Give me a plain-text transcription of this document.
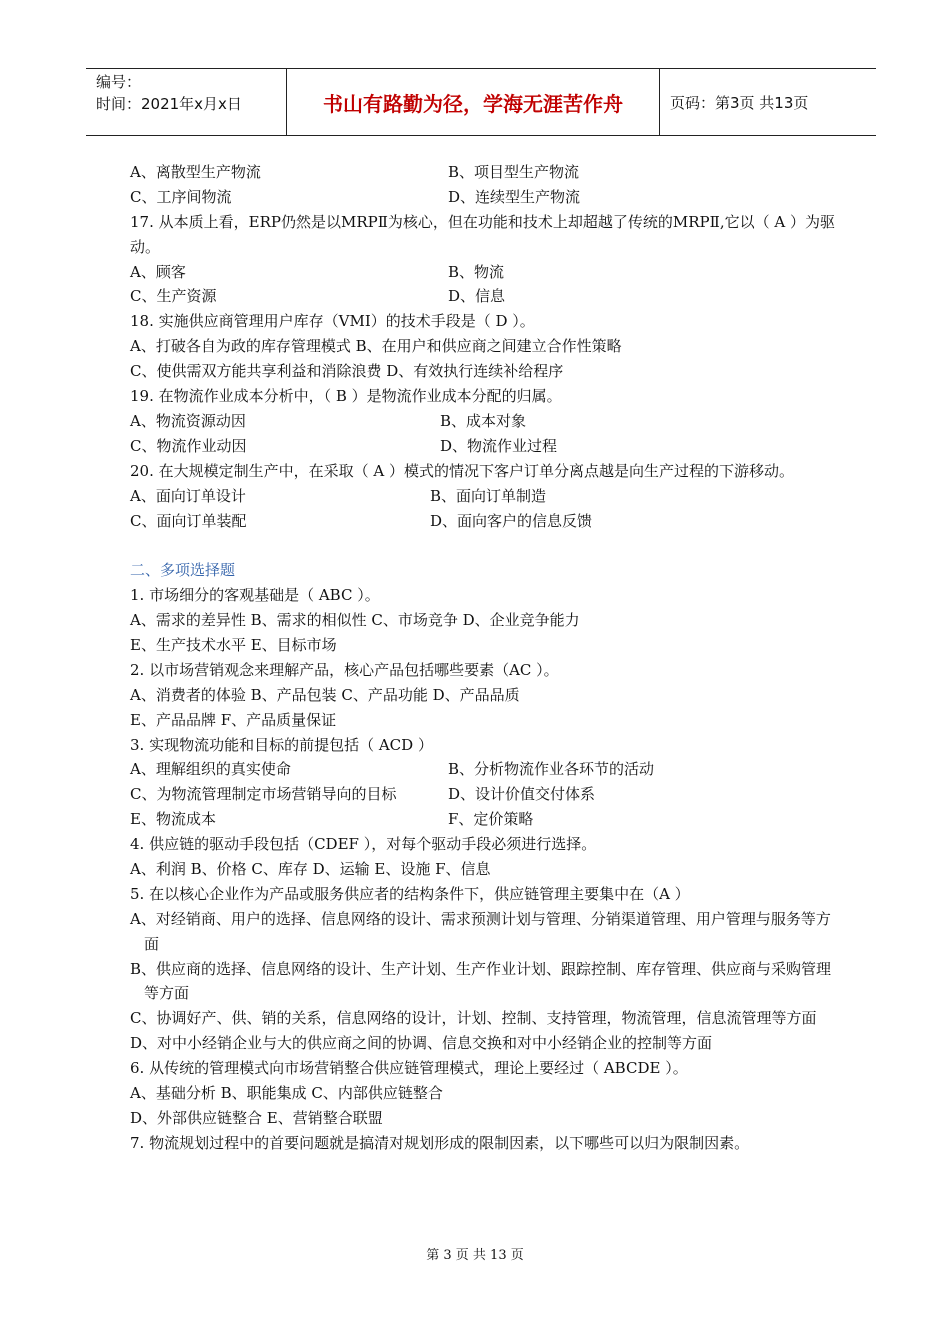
编号：
时间：2021年x月x日	书山有路勤为径，学海无涯苦作舟	页码：第3页 共13页
A、离散型生产物流	B、项目型生产物流
C、工序间物流	D、连续型生产物流
17. 从本质上看，ERP仍然是以MRPⅡ为核心，但在功能和技术上却超越了传统的MRPⅡ,它以（ A ）为驱动。
A、顾客	B、物流
C、生产资源	D、信息
18. 实施供应商管理用户库存（VMI）的技术手段是（ D ）。
A、打破各自为政的库存管理模式 B、在用户和供应商之间建立合作性策略
C、使供需双方能共享利益和消除浪费 D、有效执行连续补给程序
19. 在物流作业成本分析中，（ B ）是物流作业成本分配的归属。
A、物流资源动因	B、成本对象
C、物流作业动因	D、物流作业过程
20. 在大规模定制生产中，在采取（ A ）模式的情况下客户订单分离点越是向生产过程的下游移动。
A、面向订单设计	B、面向订单制造
C、面向订单装配	D、面向客户的信息反馈
二、多项选择题
1. 市场细分的客观基础是（ ABC ）。
A、需求的差异性 B、需求的相似性 C、市场竞争 D、企业竞争能力
E、生产技术水平 E、目标市场
2. 以市场营销观念来理解产品，核心产品包括哪些要素（AC ）。
A、消费者的体验 B、产品包装 C、产品功能 D、产品品质
E、产品品牌 F、产品质量保证
3. 实现物流功能和目标的前提包括（ ACD ）
A、理解组织的真实使命	B、分析物流作业各环节的活动
C、为物流管理制定市场营销导向的目标	D、设计价值交付体系
E、物流成本	F、定价策略
4. 供应链的驱动手段包括（CDEF ），对每个驱动手段必须进行选择。
A、利润 B、价格 C、库存 D、运输 E、设施 F、信息
5. 在以核心企业作为产品或服务供应者的结构条件下，供应链管理主要集中在（A ）
A、对经销商、用户的选择、信息网络的设计、需求预测计划与管理、分销渠道管理、用户管理与服务等方面
B、供应商的选择、信息网络的设计、生产计划、生产作业计划、跟踪控制、库存管理、供应商与采购管理等方面
C、协调好产、供、销的关系，信息网络的设计，计划、控制、支持管理，物流管理，信息流管理等方面
D、对中小经销企业与大的供应商之间的协调、信息交换和对中小经销企业的控制等方面
6. 从传统的管理模式向市场营销整合供应链管理模式，理论上要经过（ ABCDE ）。
A、基础分析 B、职能集成 C、内部供应链整合
D、外部供应链整合 E、营销整合联盟
7. 物流规划过程中的首要问题就是搞清对规划形成的限制因素，以下哪些可以归为限制因素。
第 3 页 共 13 页
